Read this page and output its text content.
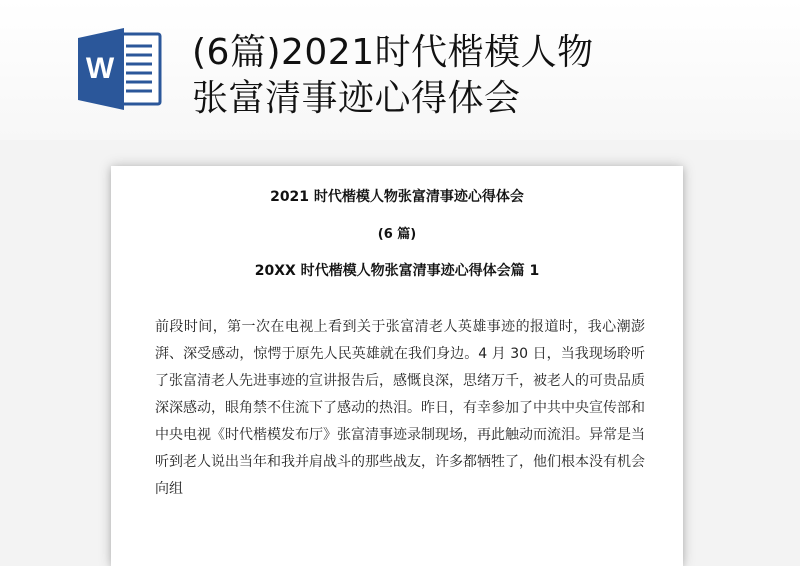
W (6篇)2021时代楷模人物
张富清事迹心得体会

2021 时代楷模人物张富清事迹心得体会

(6 篇)

20XX 时代楷模人物张富清事迹心得体会篇 1

前段时间，第一次在电视上看到关于张富清老人英雄事迹的报道时，我心潮澎湃、深受感动，惊愕于原先人民英雄就在我们身边。4 月 30 日，当我现场聆听了张富清老人先进事迹的宣讲报告后，感慨良深，思绪万千，被老人的可贵品质深深感动，眼角禁不住流下了感动的热泪。昨日，有幸参加了中共中央宣传部和中央电视《时代楷模发布厅》张富清事迹录制现场，再此触动而流泪。异常是当听到老人说出当年和我并肩战斗的那些战友，许多都牺牲了，他们根本没有机会向组
